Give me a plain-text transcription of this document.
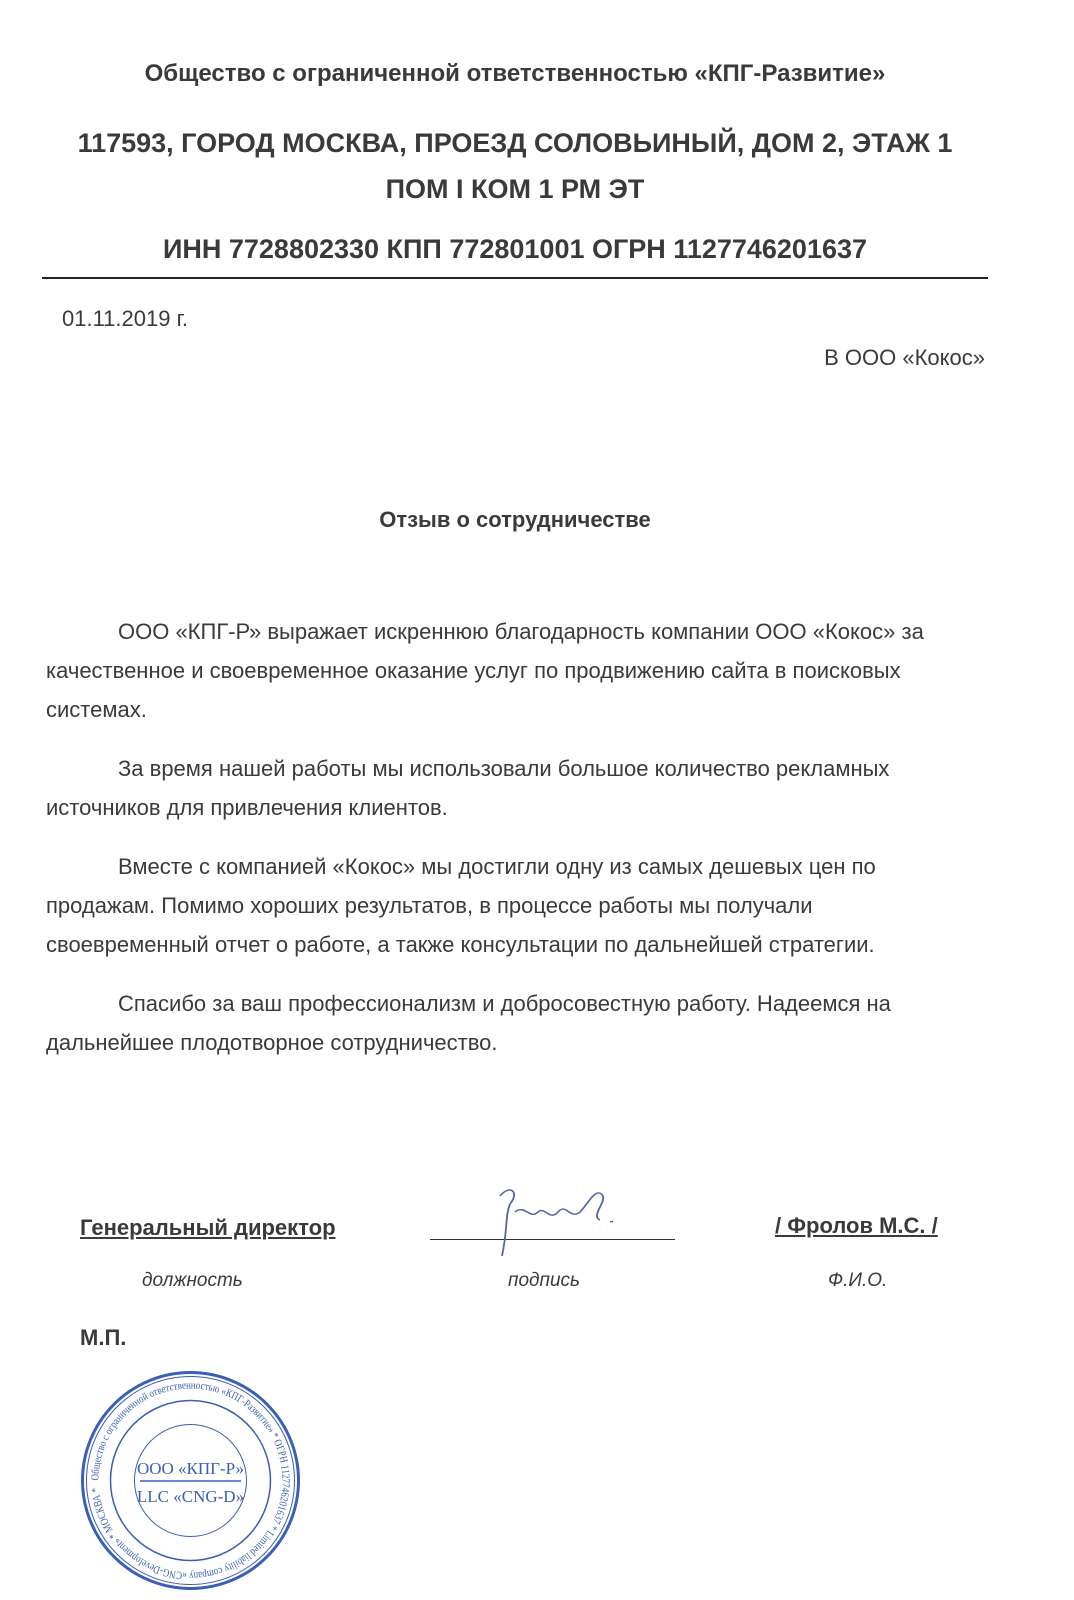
Общество с ограниченной ответственностью «КПГ-Развитие»
117593, ГОРОД МОСКВА, ПРОЕЗД СОЛОВЬИНЫЙ, ДОМ 2, ЭТАЖ 1
ПОМ I КОМ 1 РМ ЭТ
ИНН 7728802330 КПП 772801001 ОГРН 1127746201637
01.11.2019 г.
В ООО «Кокос»
Отзыв о сотрудничестве

ООО «КПГ-Р» выражает искреннюю благодарность компании ООО «Кокос» за качественное и своевременное оказание услуг по продвижению сайта в поисковых системах.

За время нашей работы мы использовали большое количество рекламных источников для привлечения клиентов.

Вместе с компанией «Кокос» мы достигли одну из самых дешевых цен по продажам. Помимо хороших результатов, в процессе работы мы получали своевременный отчет о работе, а также консультации по дальнейшей стратегии.

Спасибо за ваш профессионализм и добросовестную работу. Надеемся на дальнейшее плодотворное сотрудничество.

Генеральный директор	/ Фролов М.С. /
должность	подпись	Ф.И.О.
М.П.
Общество с ограниченной ответственностью «КПГ-Развитие» * ОГРН 1127746201637 * Limited liability company «CNG-Development» * МОСКВА *
ООО «КПГ-Р»
LLC «CNG-D»
